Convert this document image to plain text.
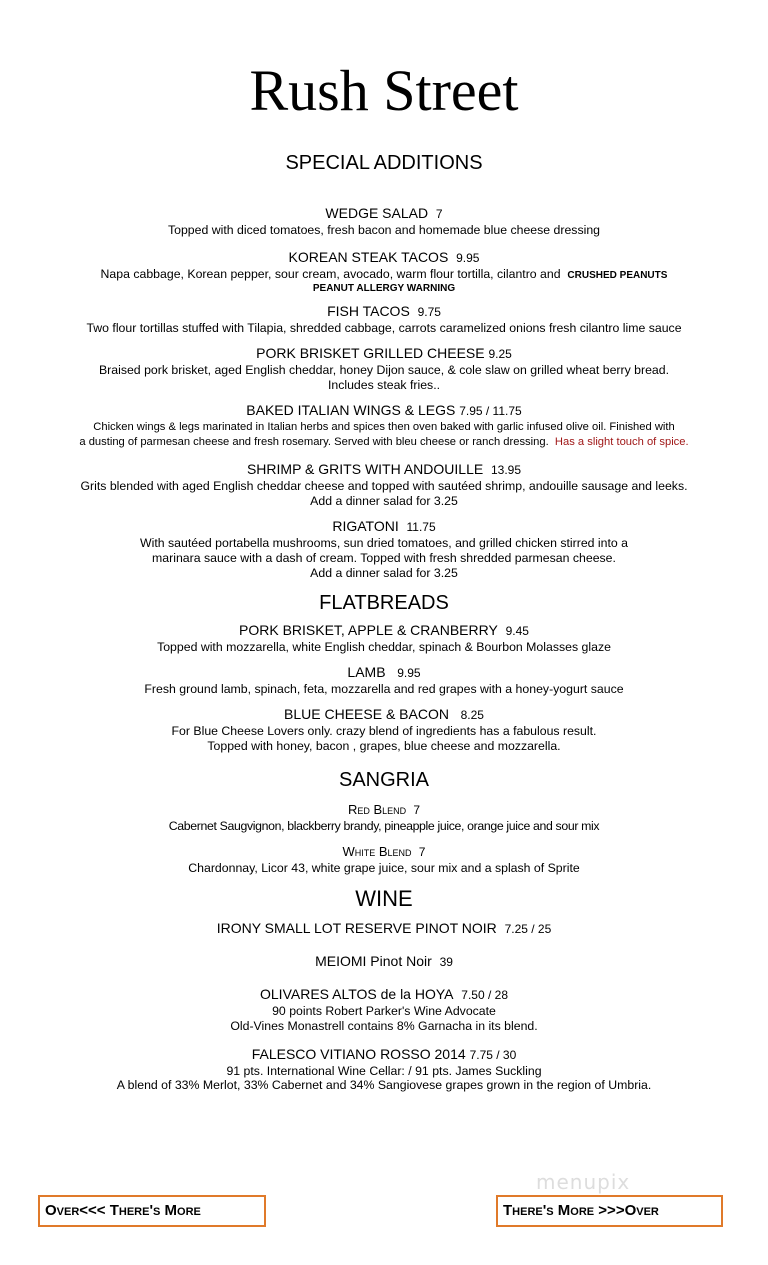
Rush Street
SPECIAL ADDITIONS
WEDGE SALAD 7
Topped with diced tomatoes, fresh bacon and homemade blue cheese dressing
KOREAN STEAK TACOS 9.95
Napa cabbage, Korean pepper, sour cream, avocado, warm flour tortilla, cilantro and CRUSHED PEANUTS
PEANUT ALLERGY WARNING
FISH TACOS 9.75
Two flour tortillas stuffed with Tilapia, shredded cabbage, carrots caramelized onions fresh cilantro lime sauce
PORK BRISKET GRILLED CHEESE 9.25
Braised pork brisket, aged English cheddar, honey Dijon sauce, & cole slaw on grilled wheat berry bread.
Includes steak fries..
BAKED ITALIAN WINGS & LEGS 7.95 / 11.75
Chicken wings & legs marinated in Italian herbs and spices then oven baked with garlic infused olive oil. Finished with
a dusting of parmesan cheese and fresh rosemary. Served with bleu cheese or ranch dressing. Has a slight touch of spice.
SHRIMP & GRITS WITH ANDOUILLE 13.95
Grits blended with aged English cheddar cheese and topped with sautéed shrimp, andouille sausage and leeks.
Add a dinner salad for 3.25
RIGATONI 11.75
With sautéed portabella mushrooms, sun dried tomatoes, and grilled chicken stirred into a
marinara sauce with a dash of cream. Topped with fresh shredded parmesan cheese.
Add a dinner salad for 3.25
FLATBREADS
PORK BRISKET, APPLE & CRANBERRY 9.45
Topped with mozzarella, white English cheddar, spinach & Bourbon Molasses glaze
LAMB 9.95
Fresh ground lamb, spinach, feta, mozzarella and red grapes with a honey-yogurt sauce
BLUE CHEESE & BACON 8.25
For Blue Cheese Lovers only. crazy blend of ingredients has a fabulous result.
Topped with honey, bacon , grapes, blue cheese and mozzarella.
SANGRIA
Red Blend 7
Cabernet Saugvignon, blackberry brandy, pineapple juice, orange juice and sour mix
White Blend 7
Chardonnay, Licor 43, white grape juice, sour mix and a splash of Sprite
WINE
IRONY SMALL LOT RESERVE PINOT NOIR 7.25 / 25
MEIOMI Pinot Noir 39
OLIVARES ALTOS de la HOYA 7.50 / 28
90 points Robert Parker's Wine Advocate
Old-Vines Monastrell contains 8% Garnacha in its blend.
FALESCO VITIANO ROSSO 2014 7.75 / 30
91 pts. International Wine Cellar: / 91 pts. James Suckling
A blend of 33% Merlot, 33% Cabernet and 34% Sangiovese grapes grown in the region of Umbria.
menupix
Over<<< There's More	There's More >>>Over
